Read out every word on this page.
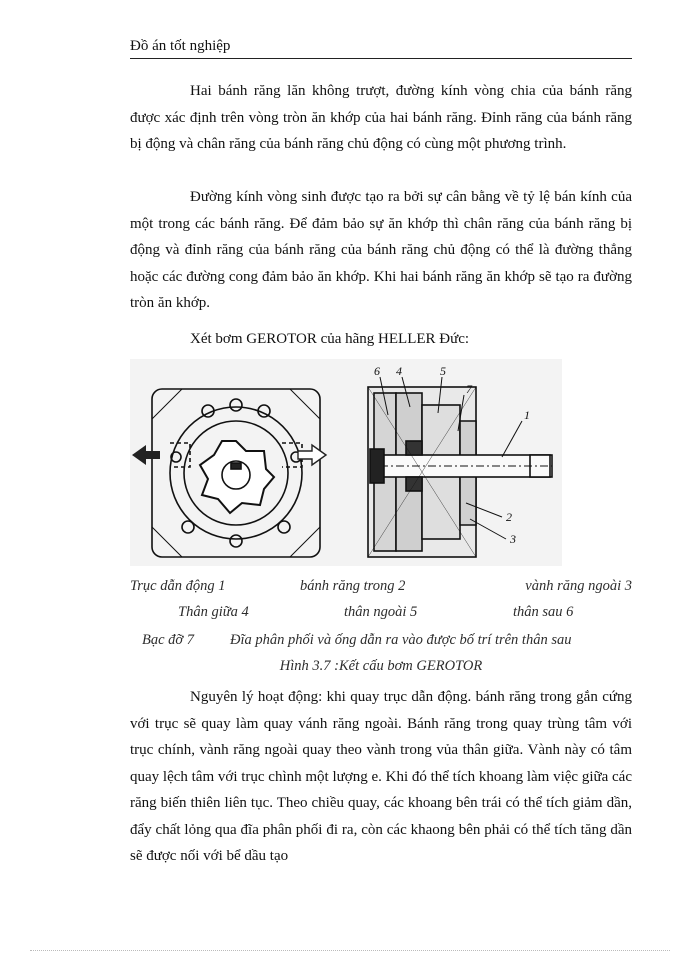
Đồ án tốt nghiệp

Hai bánh răng lăn không trượt, đường kính vòng chia của bánh răng được xác định trên vòng tròn ăn khớp của hai bánh răng. Đỉnh răng của bánh răng bị động và chân răng của bánh răng chủ động có cùng một phương trình.

Đường kính vòng sinh được tạo ra bởi sự cân bằng về tỷ lệ bán kính của một trong các bánh răng. Để đảm bảo sự ăn khớp thì chân răng của bánh răng bị động và đỉnh răng của bánh răng của bánh răng chủ động có thể là đường thẳng hoặc các đường cong đảm bảo ăn khớp. Khi hai bánh răng ăn khớp sẽ tạo ra đường tròn ăn khớp.

Xét bơm GEROTOR của hãng HELLER Đức:

6 4	5
7
1
2
3
Trục dẫn động 1	bánh răng trong 2	vành răng ngoài 3
Thân giữa 4	thân ngoài 5	thân sau 6
Bạc đỡ 7 Đĩa phân phối và ống dẫn ra vào được bố trí trên thân sau
Hình 3.7 :Kết cấu bơm GEROTOR

Nguyên lý hoạt động: khi quay trục dẫn động. bánh răng trong gắn cứng với trục sẽ quay làm quay vánh răng ngoài. Bánh răng trong quay trùng tâm với trục chính, vành răng ngoài quay theo vành trong vủa thân giữa. Vành này có tâm quay lệch tâm với trục chình một lượng e. Khi đó thể tích khoang làm việc giữa các răng biến thiên liên tục. Theo chiều quay, các khoang bên trái có thể tích giảm dần, đẩy chất lỏng qua đĩa phân phối đi ra, còn các khaong bên phải có thể tích tăng dần sẽ được nối với bể dầu tạo
